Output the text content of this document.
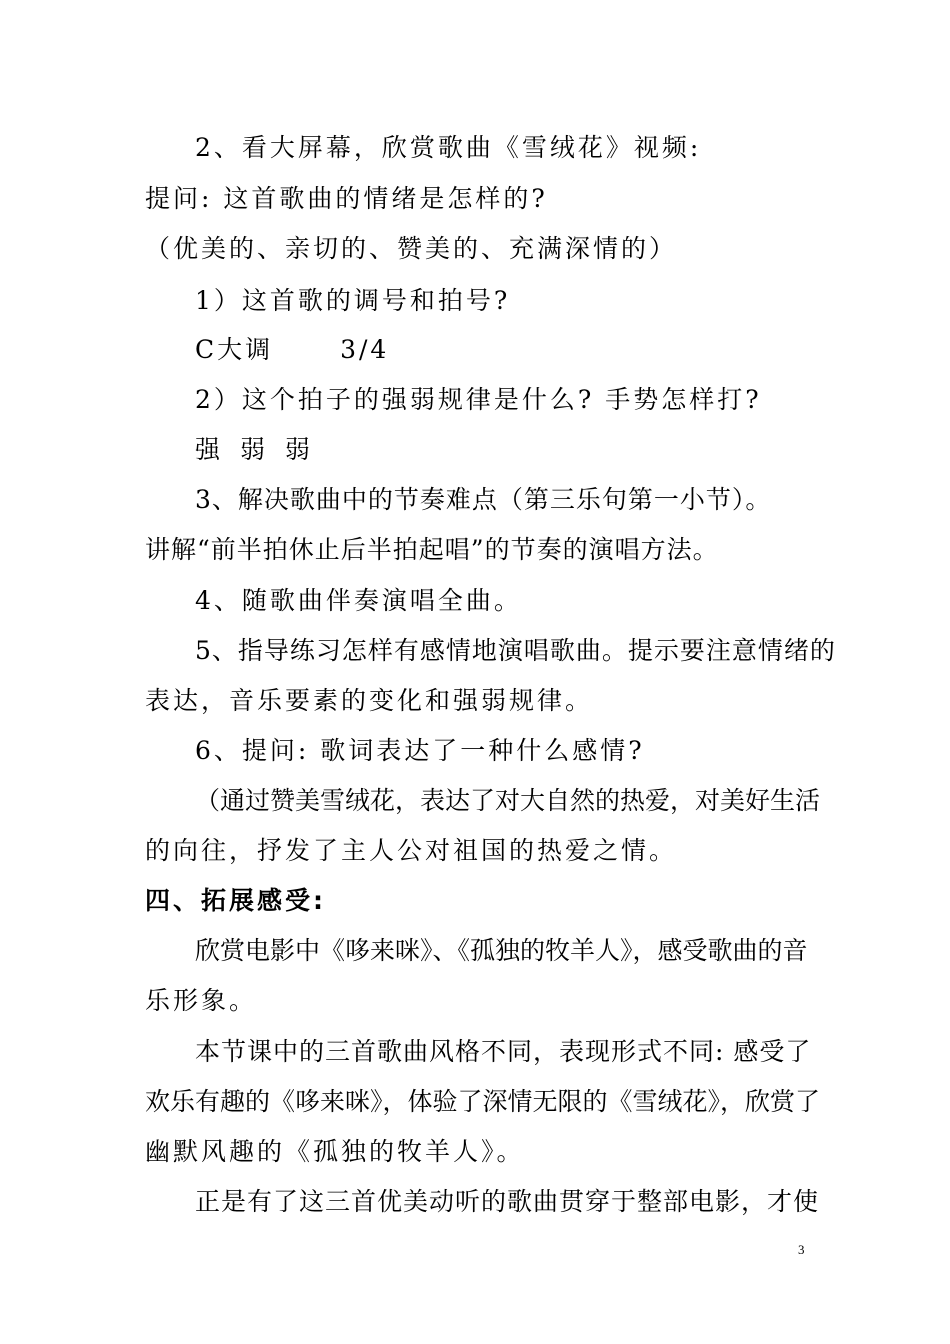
2、看大屏幕，欣赏歌曲《雪绒花》视频:

提问: 这首歌曲的情绪是怎样的?

（优美的、亲切的、赞美的、充满深情的）

1）这首歌的调号和拍号?

C大调　　 3/4

2）这个拍子的强弱规律是什么? 手势怎样打?

强 弱 弱

3、解决歌曲中的节奏难点（第三乐句第一小节）。

讲解“前半拍休止后半拍起唱”的节奏的演唱方法。

4、随歌曲伴奏演唱全曲。

5、指导练习怎样有感情地演唱歌曲。提示要注意情绪的

表达，音乐要素的变化和强弱规律。

6、提问: 歌词表达了一种什么感情?

（通过赞美雪绒花，表达了对大自然的热爱，对美好生活

的向往，抒发了主人公对祖国的热爱之情。

四、拓展感受:

欣赏电影中《哆来咪》、《孤独的牧羊人》，感受歌曲的音

乐形象。

本节课中的三首歌曲风格不同，表现形式不同: 感受了

欢乐有趣的《哆来咪》，体验了深情无限的《雪绒花》，欣赏了

幽默风趣的《孤独的牧羊人》。

正是有了这三首优美动听的歌曲贯穿于整部电影，才使

3
